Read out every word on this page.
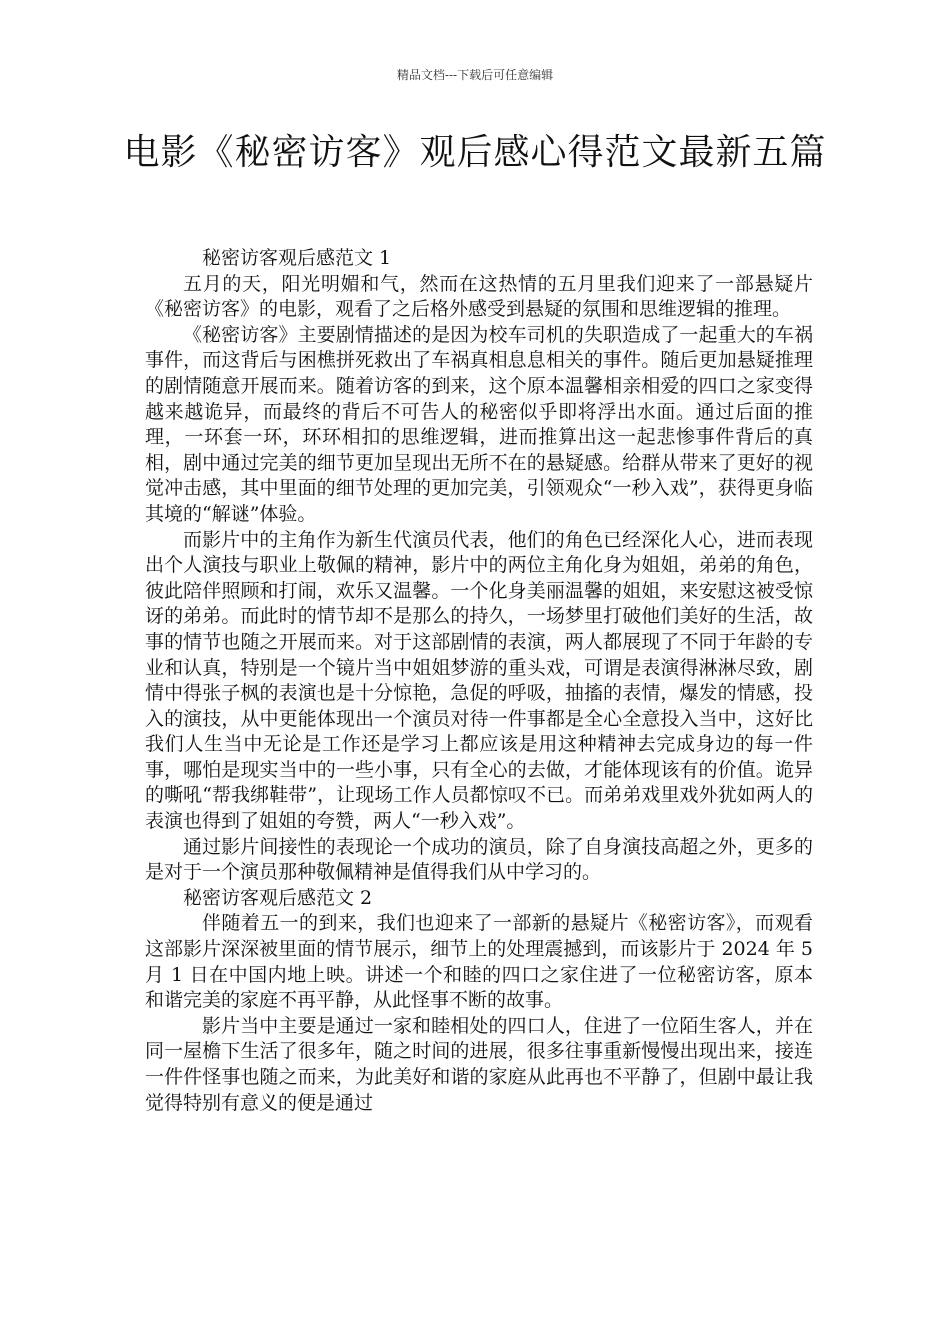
精品文档---下载后可任意编辑
电影《秘密访客》观后感心得范文最新五篇

秘密访客观后感范文 1

五月的天，阳光明媚和气，然而在这热情的五月里我们迎来了一部悬疑片《秘密访客》的电影，观看了之后格外感受到悬疑的氛围和思维逻辑的推理。

《秘密访客》主要剧情描述的是因为校车司机的失职造成了一起重大的车祸事件，而这背后与困樵拼死救出了车祸真相息息相关的事件。随后更加悬疑推理的剧情随意开展而来。随着访客的到来，这个原本温馨相亲相爱的四口之家变得越来越诡异，而最终的背后不可告人的秘密似乎即将浮出水面。通过后面的推理，一环套一环，环环相扣的思维逻辑，进而推算出这一起悲惨事件背后的真相，剧中通过完美的细节更加呈现出无所不在的悬疑感。给群从带来了更好的视觉冲击感，其中里面的细节处理的更加完美，引领观众“一秒入戏”，获得更身临其境的“解谜”体验。

而影片中的主角作为新生代演员代表，他们的角色已经深化人心，进而表现出个人演技与职业上敬佩的精神，影片中的两位主角化身为姐姐，弟弟的角色，彼此陪伴照顾和打闹，欢乐又温馨。一个化身美丽温馨的姐姐，来安慰这被受惊讶的弟弟。而此时的情节却不是那么的持久，一场梦里打破他们美好的生活，故事的情节也随之开展而来。对于这部剧情的表演，两人都展现了不同于年龄的专业和认真，特别是一个镜片当中姐姐梦游的重头戏，可谓是表演得淋淋尽致，剧情中得张子枫的表演也是十分惊艳，急促的呼吸，抽搐的表情，爆发的情感，投入的演技，从中更能体现出一个演员对待一件事都是全心全意投入当中，这好比我们人生当中无论是工作还是学习上都应该是用这种精神去完成身边的每一件事，哪怕是现实当中的一些小事，只有全心的去做，才能体现该有的价值。诡异的嘶吼“帮我绑鞋带”，让现场工作人员都惊叹不已。而弟弟戏里戏外犹如两人的表演也得到了姐姐的夸赞，两人“一秒入戏”。

通过影片间接性的表现论一个成功的演员，除了自身演技高超之外，更多的是对于一个演员那种敬佩精神是值得我们从中学习的。

秘密访客观后感范文 2

伴随着五一的到来，我们也迎来了一部新的悬疑片《秘密访客》，而观看这部影片深深被里面的情节展示，细节上的处理震撼到，而该影片于 2024 年 5 月 1 日在中国内地上映。讲述一个和睦的四口之家住进了一位秘密访客，原本和谐完美的家庭不再平静，从此怪事不断的故事。

影片当中主要是通过一家和睦相处的四口人，住进了一位陌生客人，并在同一屋檐下生活了很多年，随之时间的进展，很多往事重新慢慢出现出来，接连一件件怪事也随之而来，为此美好和谐的家庭从此再也不平静了，但剧中最让我觉得特别有意义的便是通过
